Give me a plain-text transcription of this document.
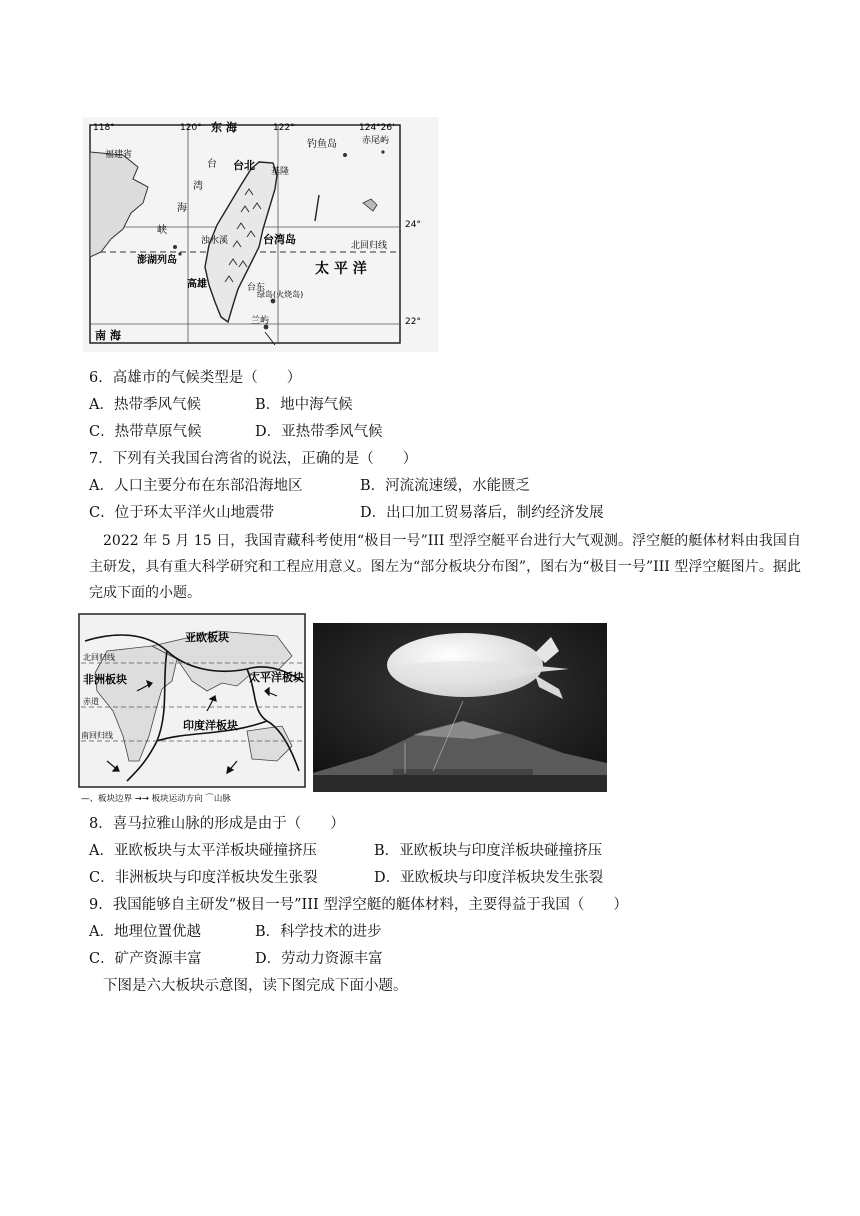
118°	120°	122°	124°26'
24°
22°
东 海
南 海
太 平 洋
北回归线
福建省
台
湾
海
峡
台北 基隆
钓鱼岛	赤尾屿
浊水溪	台湾岛
澎湖列岛
高雄	台东
绿岛(火烧岛)
兰屿
6．高雄市的气候类型是（　　）
A．热带季风气候	B．地中海气候
C．热带草原气候	D．亚热带季风气候
7．下列有关我国台湾省的说法，正确的是（　　）
A．人口主要分布在东部沿海地区	B．河流流速缓，水能匮乏
C．位于环太平洋火山地震带	D．出口加工贸易落后，制约经济发展
2022 年 5 月 15 日，我国青藏科考使用“极目一号”III 型浮空艇平台进行大气观测。浮空艇的艇体材料由我国自主研发，具有重大科学研究和工程应用意义。图左为“部分板块分布图”，图右为“极目一号”III 型浮空艇图片。据此完成下面的小题。
亚欧板块
太平洋板块
非洲板块
印度洋板块
北回归线
赤道
南回归线
—、板块边界 →→ 板块运动方向 ⌒山脉
8．喜马拉雅山脉的形成是由于（　　）
A．亚欧板块与太平洋板块碰撞挤压	B．亚欧板块与印度洋板块碰撞挤压
C．非洲板块与印度洋板块发生张裂	D．亚欧板块与印度洋板块发生张裂
9．我国能够自主研发“极目一号”III 型浮空艇的艇体材料，主要得益于我国（　　）
A．地理位置优越	B．科学技术的进步
C．矿产资源丰富	D．劳动力资源丰富
下图是六大板块示意图，读下图完成下面小题。
